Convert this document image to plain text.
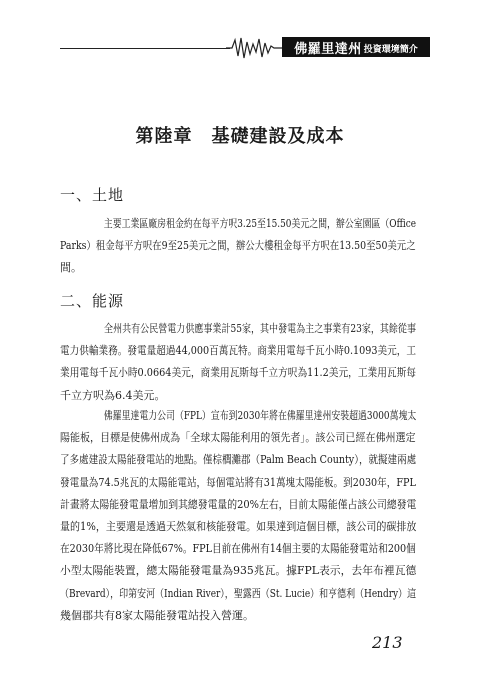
佛羅里達州 投資環境簡介
第陸章　基礎建設及成本
一、土地
　　主要工業區廠房租金約在每平方呎3.25至15.50美元之間，辦公室園區（Office
Parks）租金每平方呎在9至25美元之間，辦公大樓租金每平方呎在13.50至50美元之
間。
二、能源
　　全州共有公民營電力供應事業計55家，其中發電為主之事業有23家，其餘從事
電力供輸業務。發電量超過44,000百萬瓦特。商業用電每千瓦小時0.1093美元，工
業用電每千瓦小時0.0664美元，商業用瓦斯每千立方呎為11.2美元，工業用瓦斯每
千立方呎為6.4美元。
　　佛羅里達電力公司（FPL）宣布到2030年將在佛羅里達州安裝超過3000萬塊太
陽能板，目標是使佛州成為「全球太陽能利用的領先者」。該公司已經在佛州選定
了多處建設太陽能發電站的地點。僅棕櫚灘郡（Palm Beach County），就擬建兩處
發電量為74.5兆瓦的太陽能電站，每個電站將有31萬塊太陽能板。到2030年，FPL
計畫將太陽能發電量增加到其總發電量的20%左右，目前太陽能僅占該公司總發電
量的1%，主要還是透過天然氣和核能發電。如果達到這個目標，該公司的碳排放
在2030年將比現在降低67%。FPL目前在佛州有14個主要的太陽能發電站和200個
小型太陽能裝置，總太陽能發電量為935兆瓦。據FPL表示，去年布裡瓦德
（Brevard），印第安河（Indian River），聖露西（St. Lucie）和亨德利（Hendry）這
幾個郡共有8家太陽能發電站投入營運。
213
